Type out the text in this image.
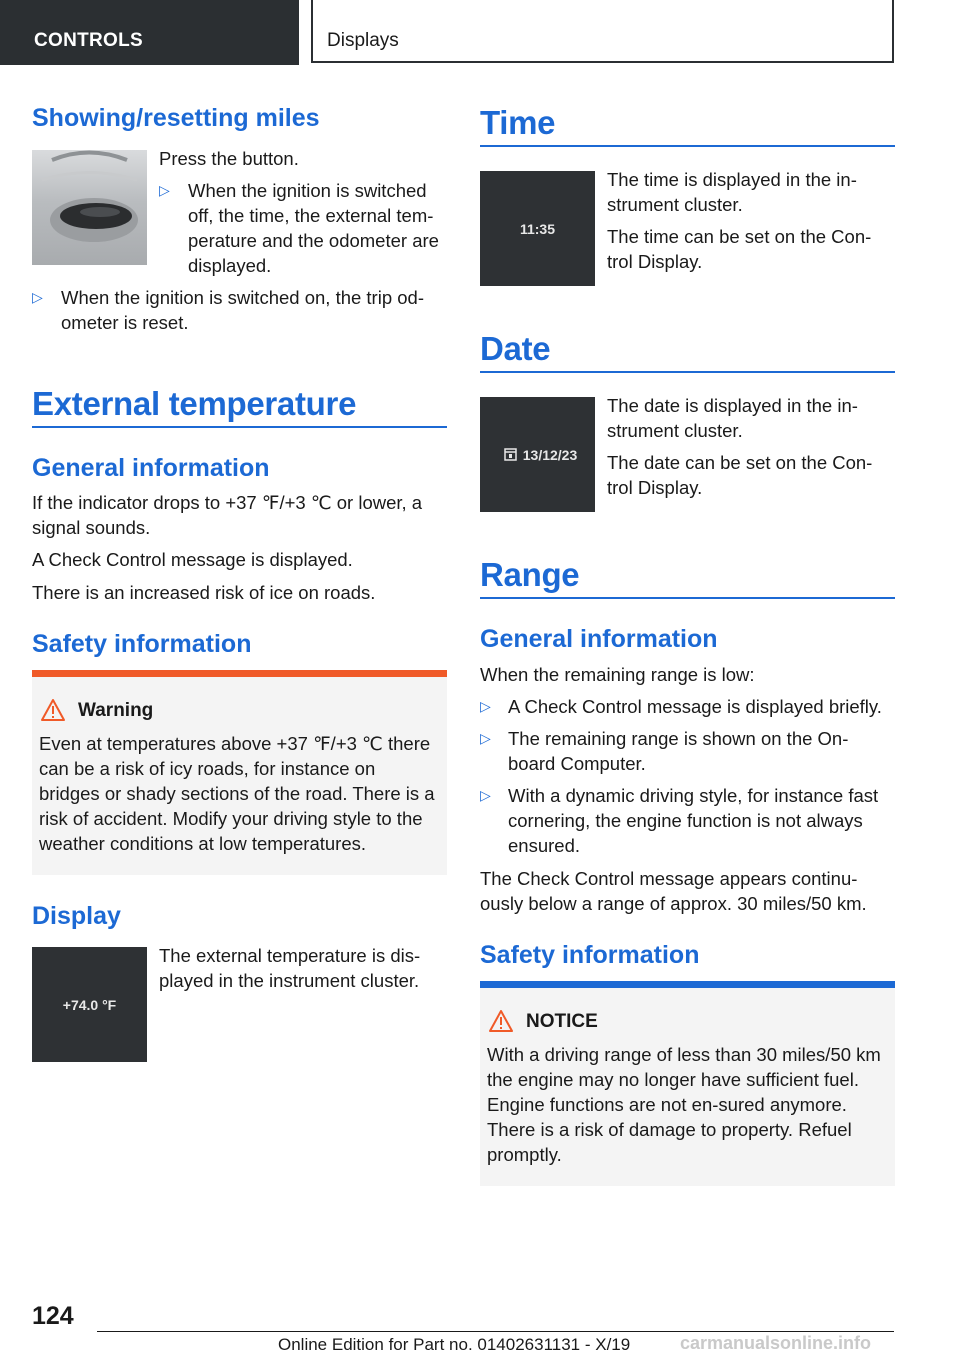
CONTROLS	Displays
Showing/resetting miles
Press the button.
▷ When the ignition is switched off, the time, the external tem-perature and the odometer are displayed.
▷ When the ignition is switched on, the trip od-ometer is reset.
External temperature
General information
If the indicator drops to +37 ℉/+3 ℃ or lower, a signal sounds.
A Check Control message is displayed.
There is an increased risk of ice on roads.
Safety information
Warning
Even at temperatures above +37 ℉/+3 ℃ there can be a risk of icy roads, for instance on bridges or shady sections of the road. There is a risk of accident. Modify your driving style to the weather conditions at low temperatures.
Display
+74.0 °F
The external temperature is dis-played in the instrument cluster.
Time
11:35
The time is displayed in the in-strument cluster.
The time can be set on the Con-trol Display.
Date
13/12/23
The date is displayed in the in-strument cluster.
The date can be set on the Con-trol Display.
Range
General information
When the remaining range is low:
▷ A Check Control message is displayed briefly.
▷ The remaining range is shown on the On-board Computer.
▷ With a dynamic driving style, for instance fast cornering, the engine function is not always ensured.
The Check Control message appears continu-ously below a range of approx. 30 miles/50 km.
Safety information
NOTICE
With a driving range of less than 30 miles/50 km the engine may no longer have sufficient fuel. Engine functions are not en-sured anymore. There is a risk of damage to property. Refuel promptly.
124
Online Edition for Part no. 01402631131 - X/19	carmanualsonline.info
